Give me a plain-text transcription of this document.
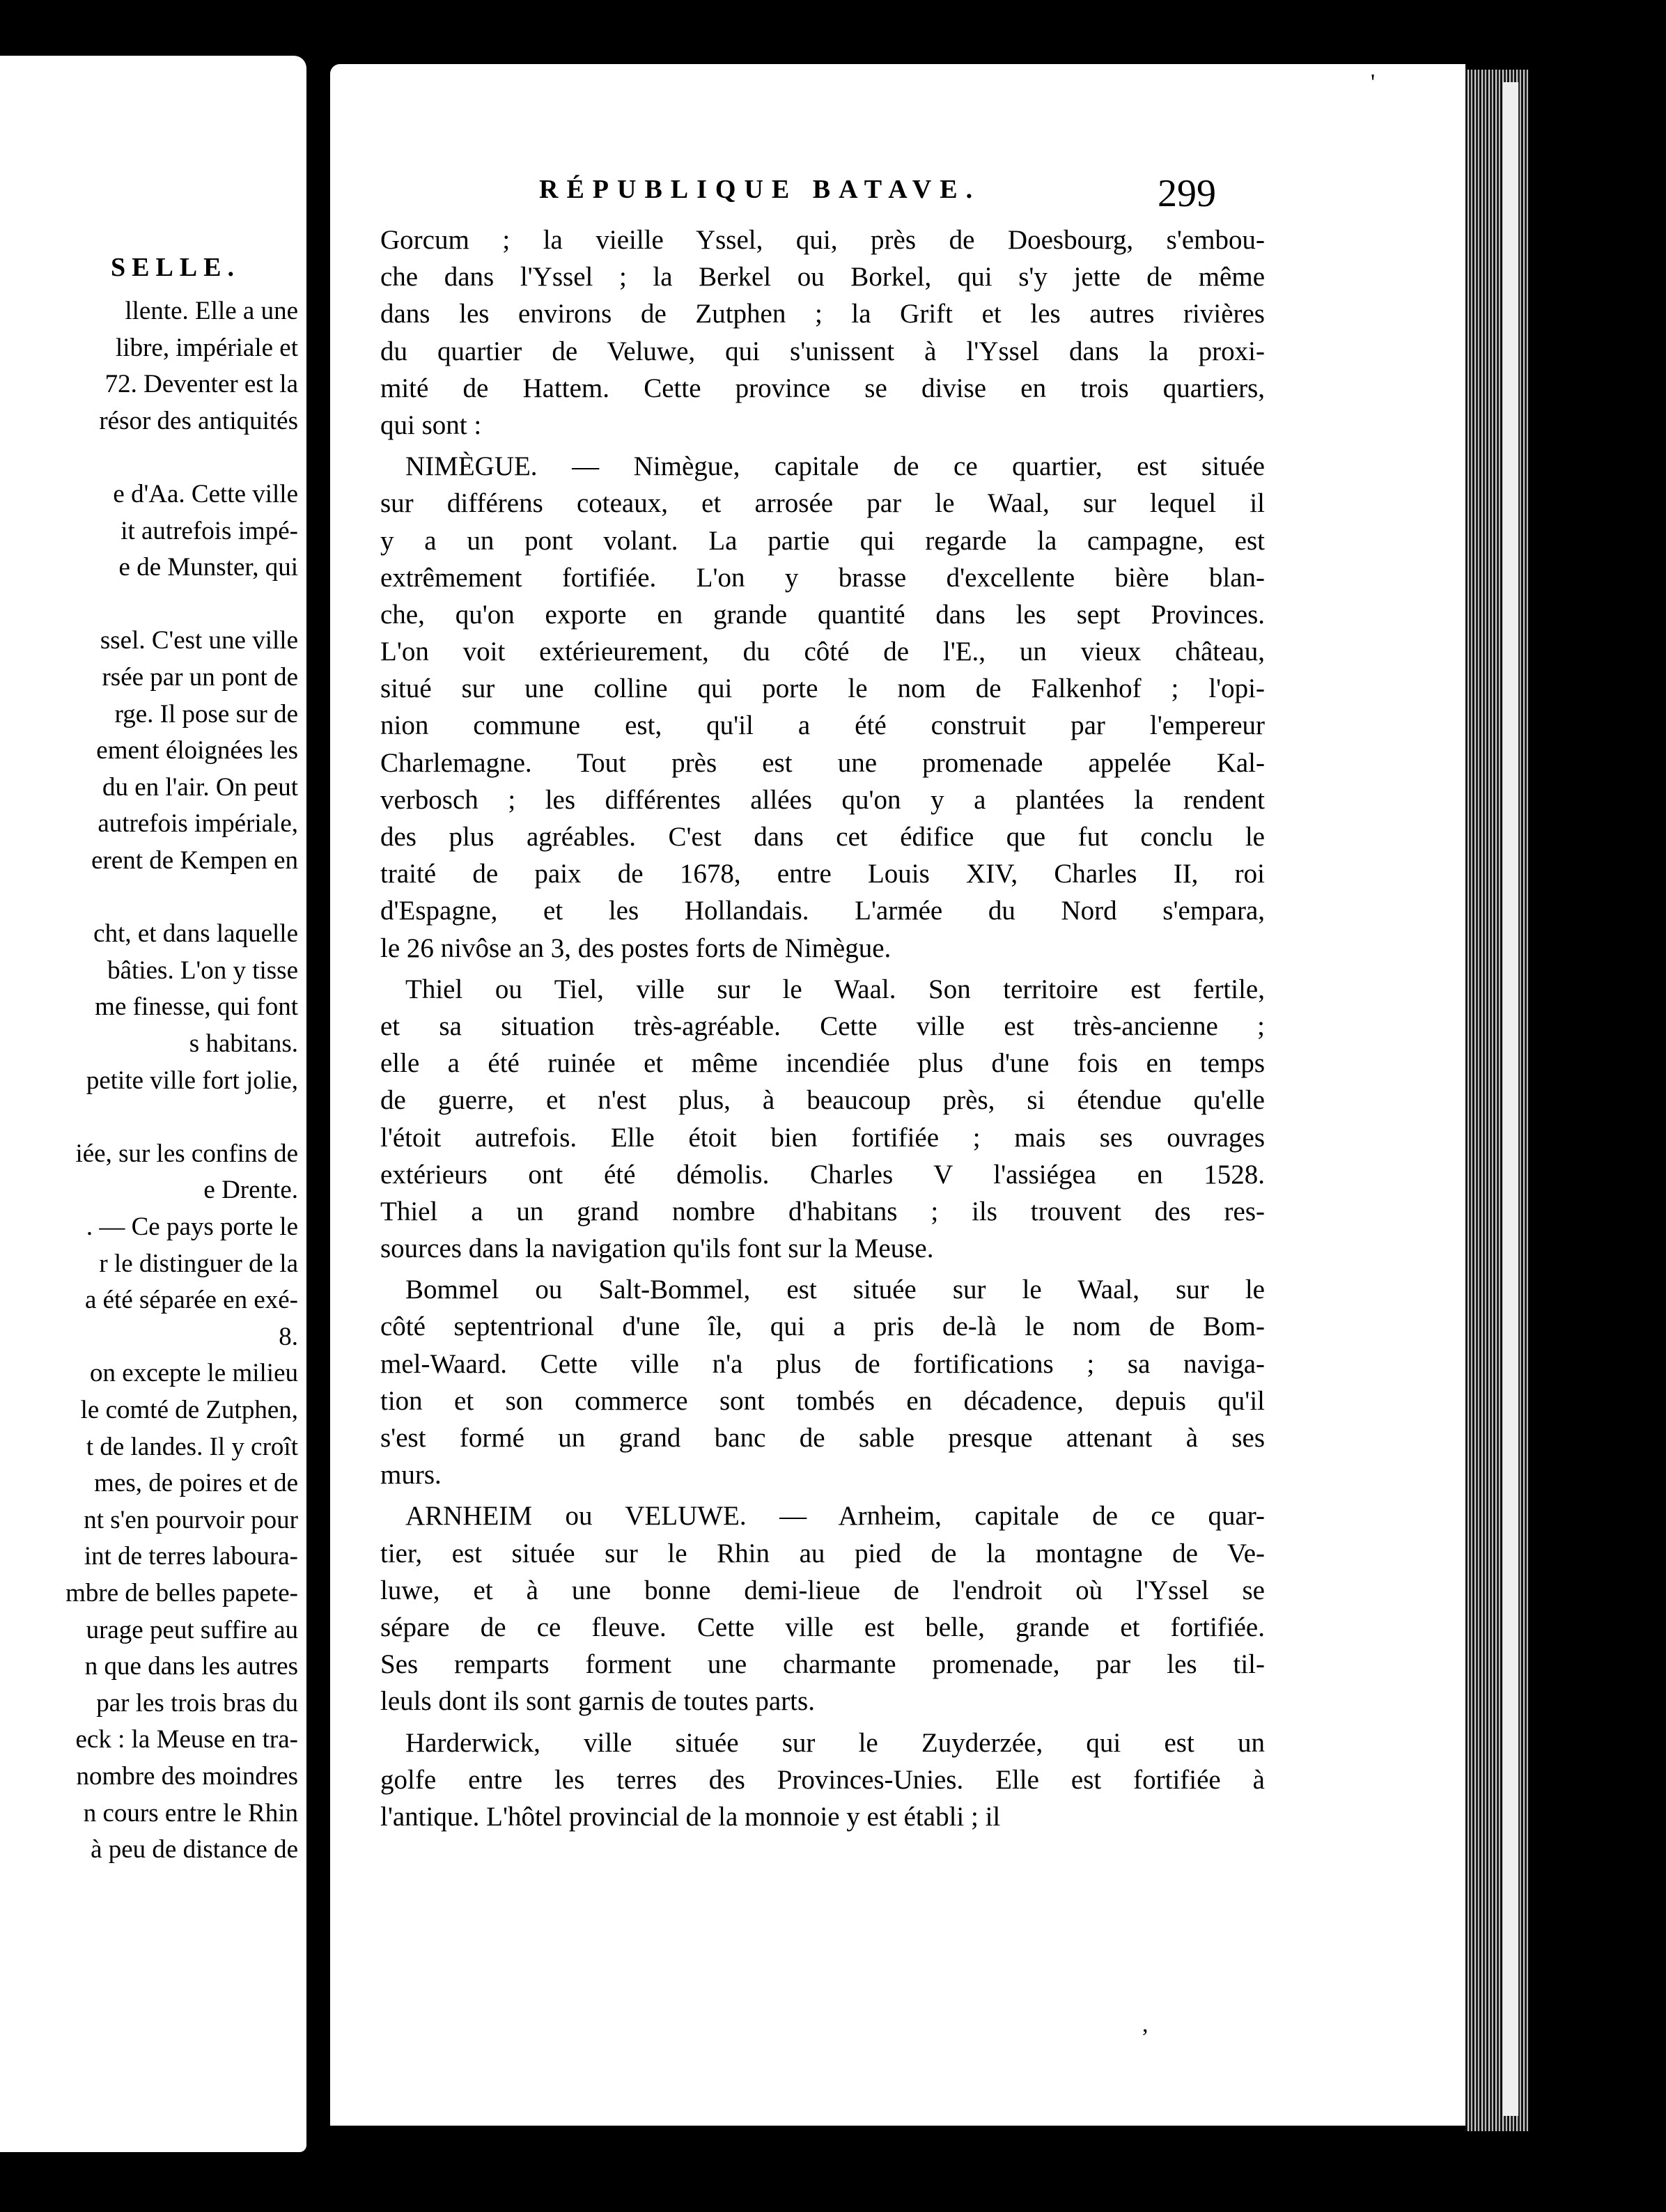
SELLE.
llente. Elle a une
libre, impériale et
72. Deventer est la
résor des antiquités
e d'Aa. Cette ville
it autrefois impé-
e de Munster, qui
ssel. C'est une ville
rsée par un pont de
rge. Il pose sur de
ement éloignées les
du en l'air. On peut
autrefois impériale,
erent de Kempen en
cht, et dans laquelle
bâties. L'on y tisse
me finesse, qui font
s habitans.
petite ville fort jolie,
iée, sur les confins de
e Drente.
. — Ce pays porte le
r le distinguer de la
a été séparée en exé-
8.
on excepte le milieu
le comté de Zutphen,
t de landes. Il y croît
mes, de poires et de
nt s'en pourvoir pour
int de terres laboura-
mbre de belles papete-
urage peut suffire au
n que dans les autres
par les trois bras du
eck : la Meuse en tra-
nombre des moindres
n cours entre le Rhin
à peu de distance de
RÉPUBLIQUE BATAVE.	299
Gorcum ; la vieille Yssel, qui, près de Doesbourg, s'embou-
che dans l'Yssel ; la Berkel ou Borkel, qui s'y jette de même
dans les environs de Zutphen ; la Grift et les autres rivières
du quartier de Veluwe, qui s'unissent à l'Yssel dans la proxi-
mité de Hattem. Cette province se divise en trois quartiers,
qui sont :
NIMÈGUE. — Nimègue, capitale de ce quartier, est située
sur différens coteaux, et arrosée par le Waal, sur lequel il
y a un pont volant. La partie qui regarde la campagne, est
extrêmement fortifiée. L'on y brasse d'excellente bière blan-
che, qu'on exporte en grande quantité dans les sept Provinces.
L'on voit extérieurement, du côté de l'E., un vieux château,
situé sur une colline qui porte le nom de Falkenhof ; l'opi-
nion commune est, qu'il a été construit par l'empereur
Charlemagne. Tout près est une promenade appelée Kal-
verbosch ; les différentes allées qu'on y a plantées la rendent
des plus agréables. C'est dans cet édifice que fut conclu le
traité de paix de 1678, entre Louis XIV, Charles II, roi
d'Espagne, et les Hollandais. L'armée du Nord s'empara,
le 26 nivôse an 3, des postes forts de Nimègue.
Thiel ou Tiel, ville sur le Waal. Son territoire est fertile,
et sa situation très-agréable. Cette ville est très-ancienne ;
elle a été ruinée et même incendiée plus d'une fois en temps
de guerre, et n'est plus, à beaucoup près, si étendue qu'elle
l'étoit autrefois. Elle étoit bien fortifiée ; mais ses ouvrages
extérieurs ont été démolis. Charles V l'assiégea en 1528.
Thiel a un grand nombre d'habitans ; ils trouvent des res-
sources dans la navigation qu'ils font sur la Meuse.
Bommel ou Salt-Bommel, est située sur le Waal, sur le
côté septentrional d'une île, qui a pris de-là le nom de Bom-
mel-Waard. Cette ville n'a plus de fortifications ; sa naviga-
tion et son commerce sont tombés en décadence, depuis qu'il
s'est formé un grand banc de sable presque attenant à ses
murs.
ARNHEIM ou VELUWE. — Arnheim, capitale de ce quar-
tier, est située sur le Rhin au pied de la montagne de Ve-
luwe, et à une bonne demi-lieue de l'endroit où l'Yssel se
sépare de ce fleuve. Cette ville est belle, grande et fortifiée.
Ses remparts forment une charmante promenade, par les til-
leuls dont ils sont garnis de toutes parts.
Harderwick, ville située sur le Zuyderzée, qui est un
golfe entre les terres des Provinces-Unies. Elle est fortifiée à
l'antique. L'hôtel provincial de la monnoie y est établi ; il
'
,
